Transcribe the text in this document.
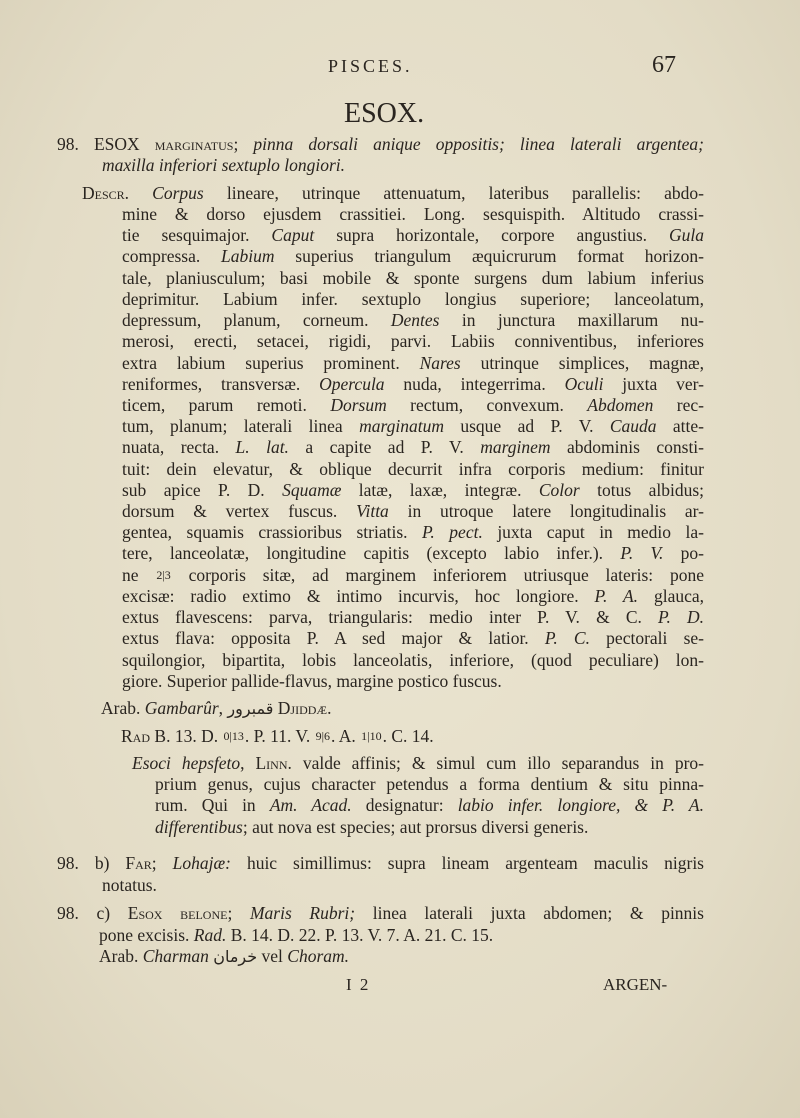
PISCES.	67
ESOX.
98. ESOX marginatus; pinna dorsali anique oppositis; linea laterali argentea;
maxilla inferiori sextuplo longiori.
Descr. Corpus lineare, utrinque attenuatum, lateribus parallelis: abdo-
mine & dorso ejusdem crassitiei. Long. sesquispith. Altitudo crassi-
tie sesquimajor. Caput supra horizontale, corpore angustius. Gula
compressa. Labium superius triangulum æquicrurum format horizon-
tale, planiusculum; basi mobile & sponte surgens dum labium inferius
deprimitur. Labium infer. sextuplo longius superiore; lanceolatum,
depressum, planum, corneum. Dentes in junctura maxillarum nu-
merosi, erecti, setacei, rigidi, parvi. Labiis conniventibus, inferiores
extra labium superius prominent. Nares utrinque simplices, magnæ,
reniformes, transversæ. Opercula nuda, integerrima. Oculi juxta ver-
ticem, parum remoti. Dorsum rectum, convexum. Abdomen rec-
tum, planum; laterali linea marginatum usque ad P. V. Cauda atte-
nuata, recta. L. lat. a capite ad P. V. marginem abdominis consti-
tuit: dein elevatur, & oblique decurrit infra corporis medium: finitur
sub apice P. D. Squamæ latæ, laxæ, integræ. Color totus albidus;
dorsum & vertex fuscus. Vitta in utroque latere longitudinalis ar-
gentea, squamis crassioribus striatis. P. pect. juxta caput in medio la-
tere, lanceolatæ, longitudine capitis (excepto labio infer.). P. V. po-
ne 2|3 corporis sitæ, ad marginem inferiorem utriusque lateris: pone
excisæ: radio extimo & intimo incurvis, hoc longiore. P. A. glauca,
extus flavescens: parva, triangularis: medio inter P. V. & C. P. D.
extus flava: opposita P. A sed major & latior. P. C. pectorali se-
squilongior, bipartita, lobis lanceolatis, inferiore, (quod peculiare) lon-
giore. Superior pallide-flavus, margine postico fuscus.
Arab. Gambarûr, قمبرور Djiddæ.
Rad B. 13. D. 0|13. P. 11. V. 9|6. A. 1|10. C. 14.
Esoci hepsfeto, Linn. valde affinis; & simul cum illo separandus in pro-
prium genus, cujus character petendus a forma dentium & situ pinna-
rum. Qui in Am. Acad. designatur: labio infer. longiore, & P. A.
differentibus; aut nova est species; aut prorsus diversi generis.
98. b) Far; Lohajæ: huic simillimus: supra lineam argenteam maculis nigris
notatus.
98. c) Esox belone; Maris Rubri; linea laterali juxta abdomen; & pinnis
pone excisis. Rad. B. 14. D. 22. P. 13. V. 7. A. 21. C. 15.
Arab. Charman خرمان vel Choram.
I 2	ARGEN-
